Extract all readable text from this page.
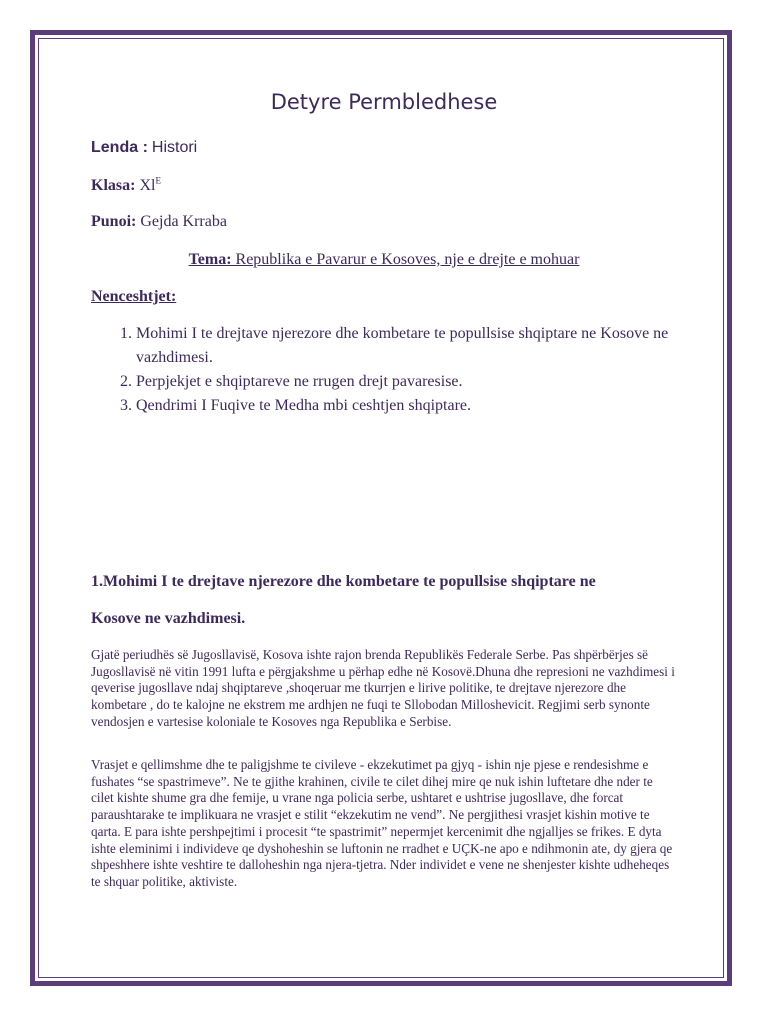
Detyre Permbledhese
Lenda : Histori
Klasa: $Xl^E$
Punoi: Gejda Krraba
Tema: Republika e Pavarur e Kosoves, nje e drejte e mohuar
Nenceshtjet:
1. Mohimi I te drejtave njerezore dhe kombetare te popullsise shqiptare ne Kosove ne vazhdimesi.
2. Perpjekjet e shqiptareve ne rrugen drejt pavaresise.
3. Qendrimi I Fuqive te Medha mbi ceshtjen shqiptare.
1.Mohimi I te drejtave njerezore dhe kombetare te popullsise shqiptare ne
Kosove ne vazhdimesi.

Gjatë periudhës së Jugosllavisë, Kosova ishte rajon brenda Republikës Federale Serbe. Pas shpërbërjes së Jugosllavisë në vitin 1991 lufta e përgjakshme u përhap edhe në Kosovë.Dhuna dhe represioni ne vazhdimesi i qeverise jugosllave ndaj shqiptareve ,shoqeruar me tkurrjen e lirive politike, te drejtave njerezore dhe kombetare , do te kalojne ne ekstrem me ardhjen ne fuqi te Sllobodan Milloshevicit. Regjimi serb synonte vendosjen e vartesise koloniale te Kosoves nga Republika e Serbise.

Vrasjet e qellimshme dhe te paligjshme te civileve - ekzekutimet pa gjyq - ishin nje pjese e rendesishme e fushates “se spastrimeve”. Ne te gjithe krahinen, civile te cilet dihej mire qe nuk ishin luftetare dhe nder te cilet kishte shume gra dhe femije, u vrane nga policia serbe, ushtaret e ushtrise jugosllave, dhe forcat paraushtarake te implikuara ne vrasjet e stilit “ekzekutim ne vend”. Ne pergjithesi vrasjet kishin motive te qarta. E para ishte pershpejtimi i procesit “te spastrimit” nepermjet kercenimit dhe ngjalljes se frikes. E dyta ishte eleminimi i individeve qe dyshoheshin se luftonin ne rradhet e UÇK-ne apo e ndihmonin ate, dy gjera qe shpeshhere ishte veshtire te dalloheshin nga njera-tjetra. Nder individet e vene ne shenjester kishte udheheqes te shquar politike, aktiviste.
